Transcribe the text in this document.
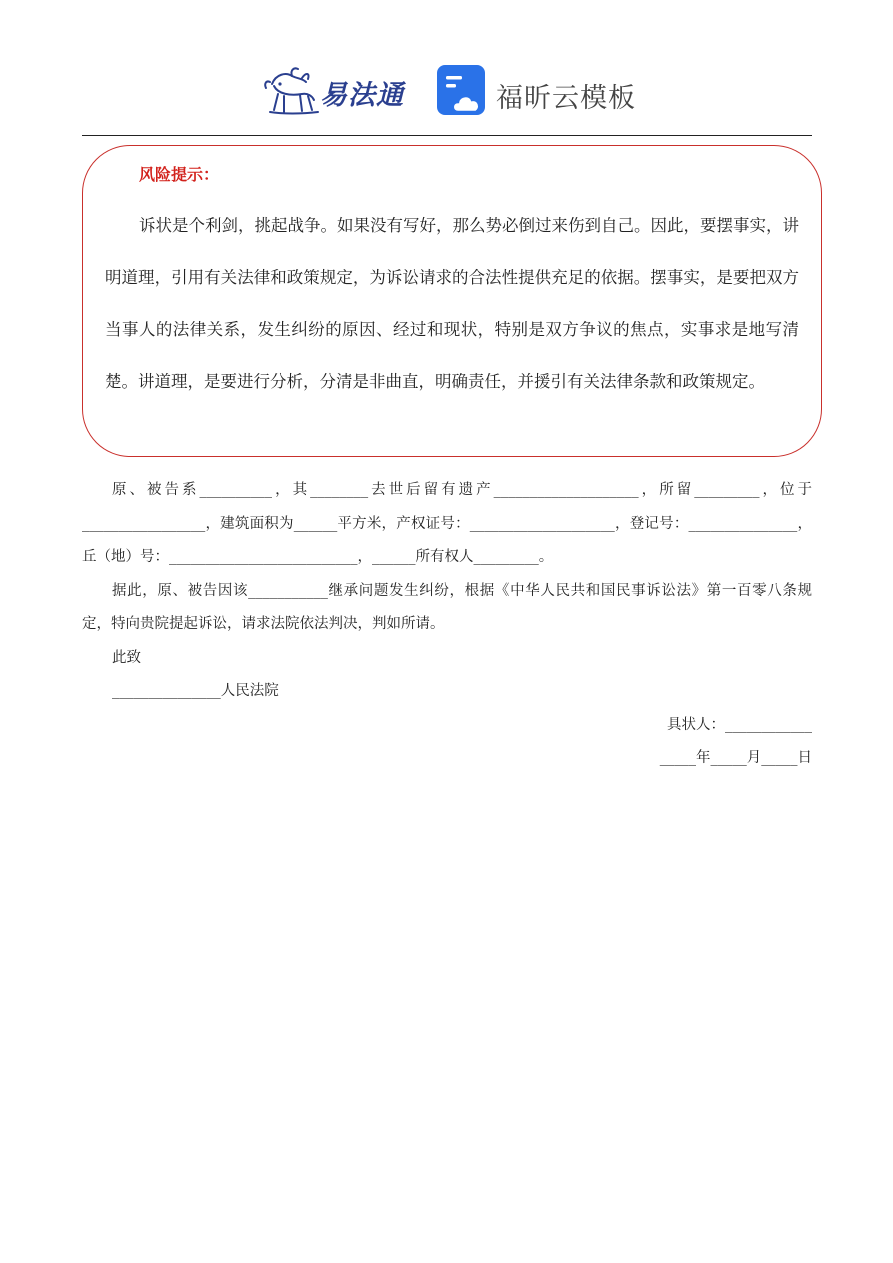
易法通	福昕云模板
风险提示：

诉状是个利剑，挑起战争。如果没有写好，那么势必倒过来伤到自己。因此，要摆事实，讲明道理，引用有关法律和政策规定，为诉讼请求的合法性提供充足的依据。摆事实，是要把双方当事人的法律关系，发生纠纷的原因、经过和现状，特别是双方争议的焦点，实事求是地写清楚。讲道理，是要进行分析，分清是非曲直，明确责任，并援引有关法律条款和政策规定。

原、被告系__________，其________去世后留有遗产____________________，所留_________，位于_________________，建筑面积为______平方米，产权证号：____________________，登记号：_______________，丘（地）号：__________________________，______所有权人_________。

据此，原、被告因该___________继承问题发生纠纷，根据《中华人民共和国民事诉讼法》第一百零八条规定，特向贵院提起诉讼，请求法院依法判决，判如所请。

此致

_______________人民法院

具状人：____________

_____年_____月_____日
